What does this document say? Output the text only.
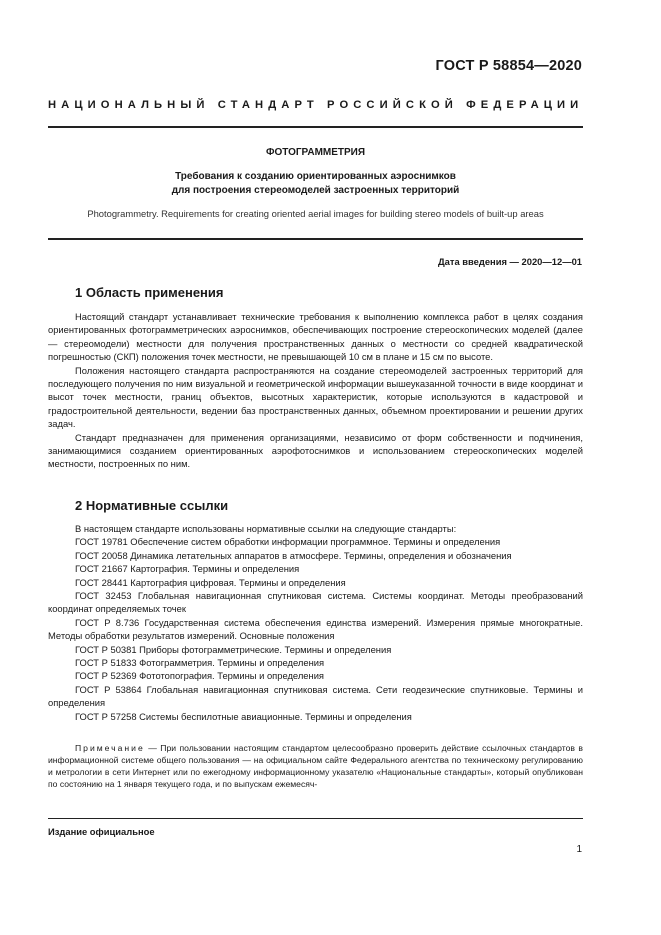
ГОСТ Р 58854—2020
НАЦИОНАЛЬНЫЙ СТАНДАРТ РОССИЙСКОЙ ФЕДЕРАЦИИ
ФОТОГРАММЕТРИЯ
Требования к созданию ориентированных аэроснимков
для построения стереомоделей застроенных территорий
Photogrammetry. Requirements for creating oriented aerial images for building stereo models of built-up areas
Дата введения — 2020—12—01
1 Область применения

Настоящий стандарт устанавливает технические требования к выполнению комплекса работ в целях создания ориентированных фотограмметрических аэроснимков, обеспечивающих построение стереоскопических моделей (далее — стереомодели) местности для получения пространственных данных о местности со средней квадратической погрешностью (СКП) положения точек местности, не превышающей 10 см в плане и 15 см по высоте.

Положения настоящего стандарта распространяются на создание стереомоделей застроенных территорий для последующего получения по ним визуальной и геометрической информации вышеуказанной точности в виде координат и высот точек местности, границ объектов, высотных характеристик, которые используются в кадастровой и градостроительной деятельности, ведении баз пространственных данных, объемном проектировании и решении других задач.

Стандарт предназначен для применения организациями, независимо от форм собственности и подчинения, занимающимися созданием ориентированных аэрофотоснимков и использованием стереоскопических моделей местности, построенных по ним.

2 Нормативные ссылки

В настоящем стандарте использованы нормативные ссылки на следующие стандарты:

ГОСТ 19781 Обеспечение систем обработки информации программное. Термины и определения

ГОСТ 20058 Динамика летательных аппаратов в атмосфере. Термины, определения и обозначения

ГОСТ 21667 Картография. Термины и определения

ГОСТ 28441 Картография цифровая. Термины и определения

ГОСТ 32453 Глобальная навигационная спутниковая система. Системы координат. Методы преобразований координат определяемых точек

ГОСТ Р 8.736 Государственная система обеспечения единства измерений. Измерения прямые многократные. Методы обработки результатов измерений. Основные положения

ГОСТ Р 50381 Приборы фотограмметрические. Термины и определения

ГОСТ Р 51833 Фотограмметрия. Термины и определения

ГОСТ Р 52369 Фототопография. Термины и определения

ГОСТ Р 53864 Глобальная навигационная спутниковая система. Сети геодезические спутниковые. Термины и определения

ГОСТ Р 57258 Системы беспилотные авиационные. Термины и определения

Примечание — При пользовании настоящим стандартом целесообразно проверить действие ссылочных стандартов в информационной системе общего пользования — на официальном сайте Федерального агентства по техническому регулированию и метрологии в сети Интернет или по ежегодному информационному указателю «Национальные стандарты», который опубликован по состоянию на 1 января текущего года, и по выпускам ежемесяч-
Издание официальное
1
